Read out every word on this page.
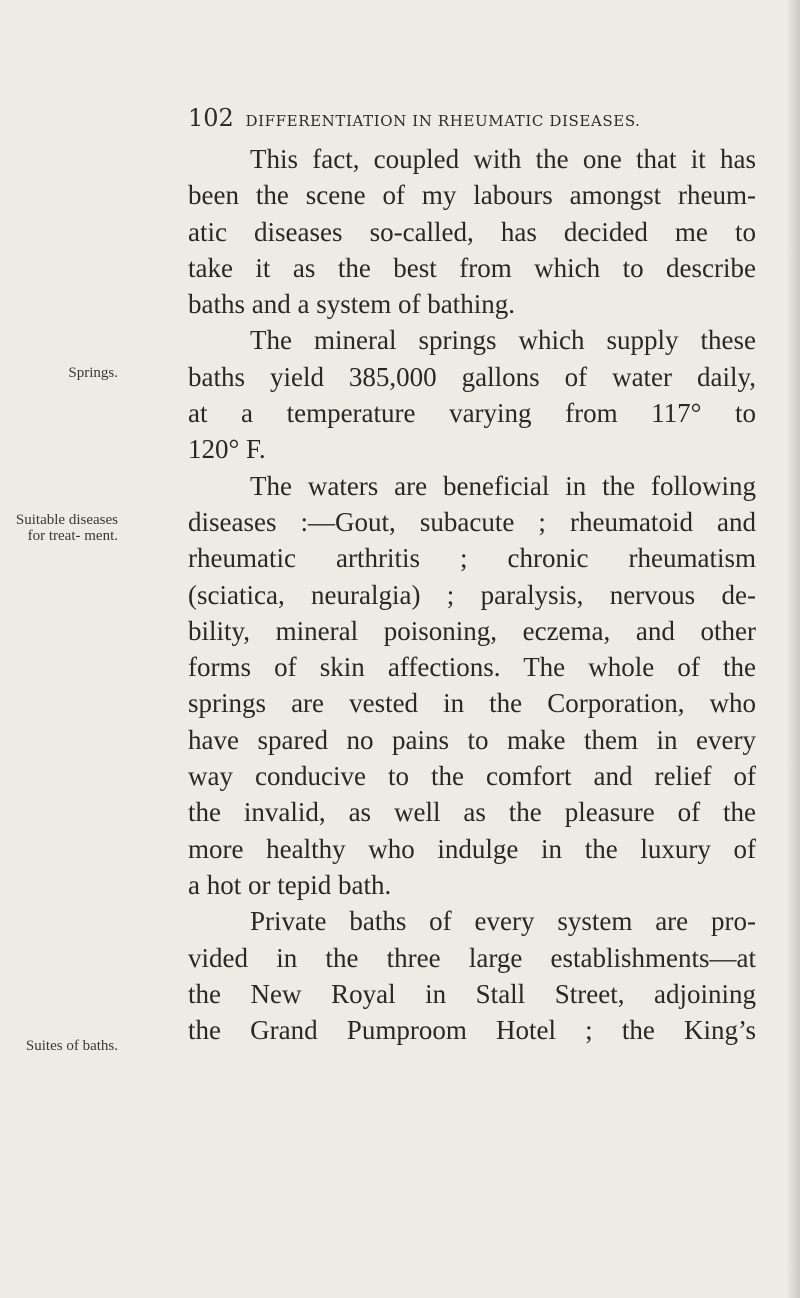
102 DIFFERENTIATION IN RHEUMATIC DISEASES.
Springs.
Suitable diseases for treat- ment.
Suites of baths.
This fact, coupled with the one that it has
been the scene of my labours amongst rheum-
atic diseases so-called, has decided me to
take it as the best from which to describe
baths and a system of bathing.
The mineral springs which supply these
baths yield 385,000 gallons of water daily,
at a temperature varying from 117° to
120° F.
The waters are beneficial in the following
diseases :—Gout, subacute ; rheumatoid and
rheumatic arthritis ; chronic rheumatism
(sciatica, neuralgia) ; paralysis, nervous de-
bility, mineral poisoning, eczema, and other
forms of skin affections. The whole of the
springs are vested in the Corporation, who
have spared no pains to make them in every
way conducive to the comfort and relief of
the invalid, as well as the pleasure of the
more healthy who indulge in the luxury of
a hot or tepid bath.
Private baths of every system are pro-
vided in the three large establishments—at
the New Royal in Stall Street, adjoining
the Grand Pumproom Hotel ; the King’s
